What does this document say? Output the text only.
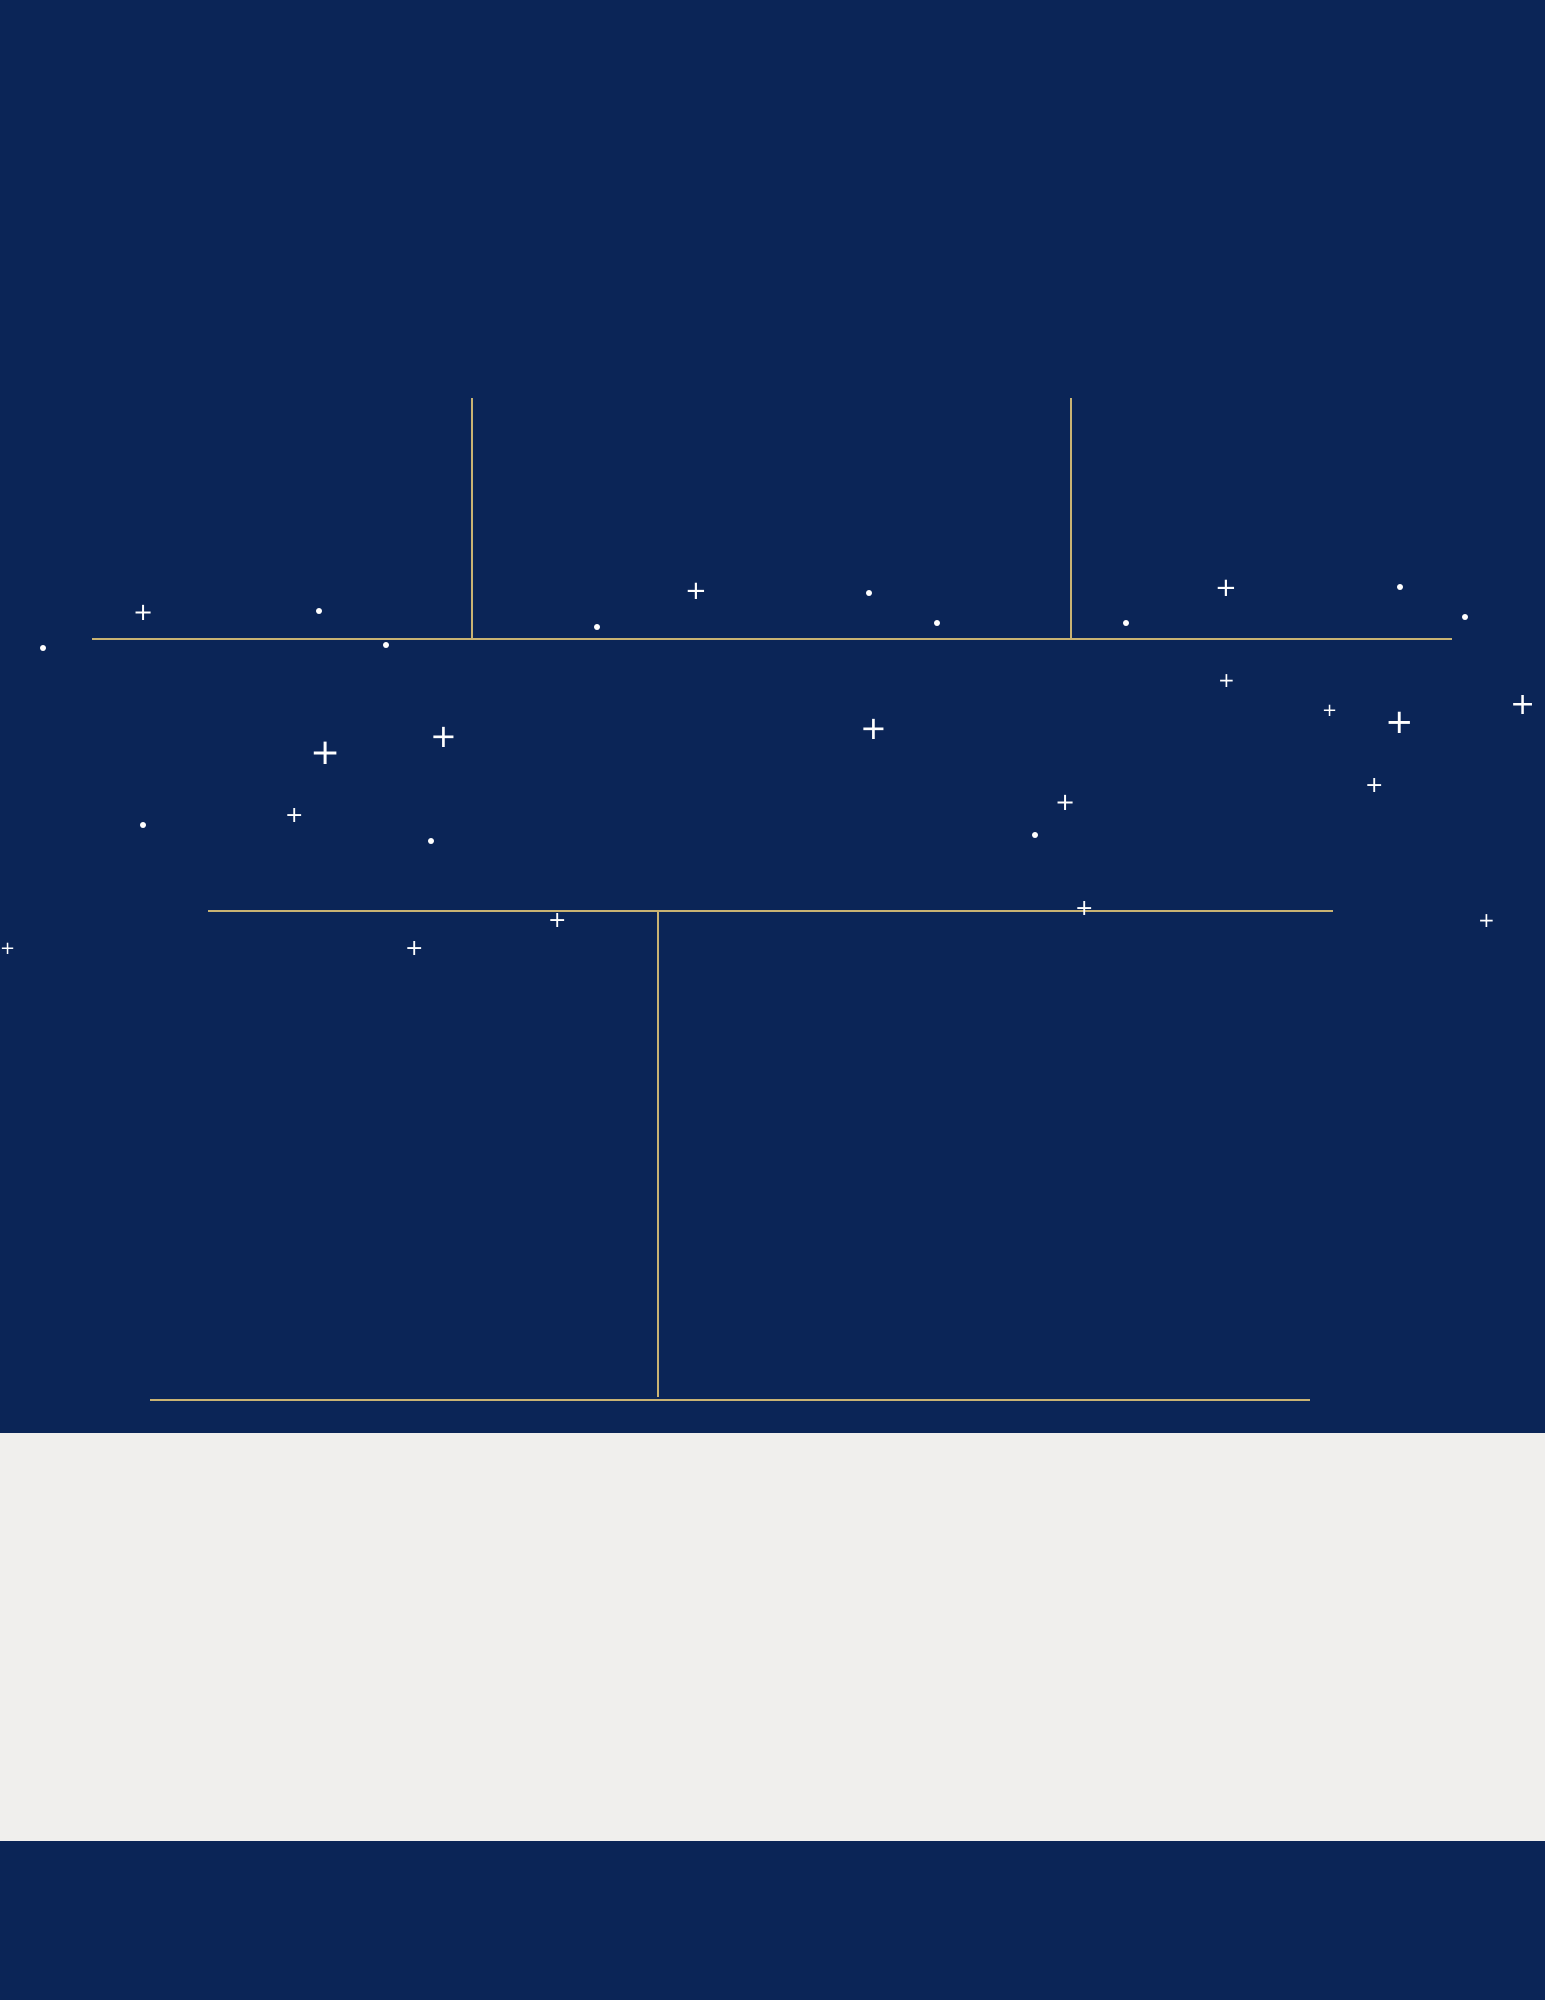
+
+	+
+	+	+	+	+
+	+
+
+	+	+
+
+
+
+
